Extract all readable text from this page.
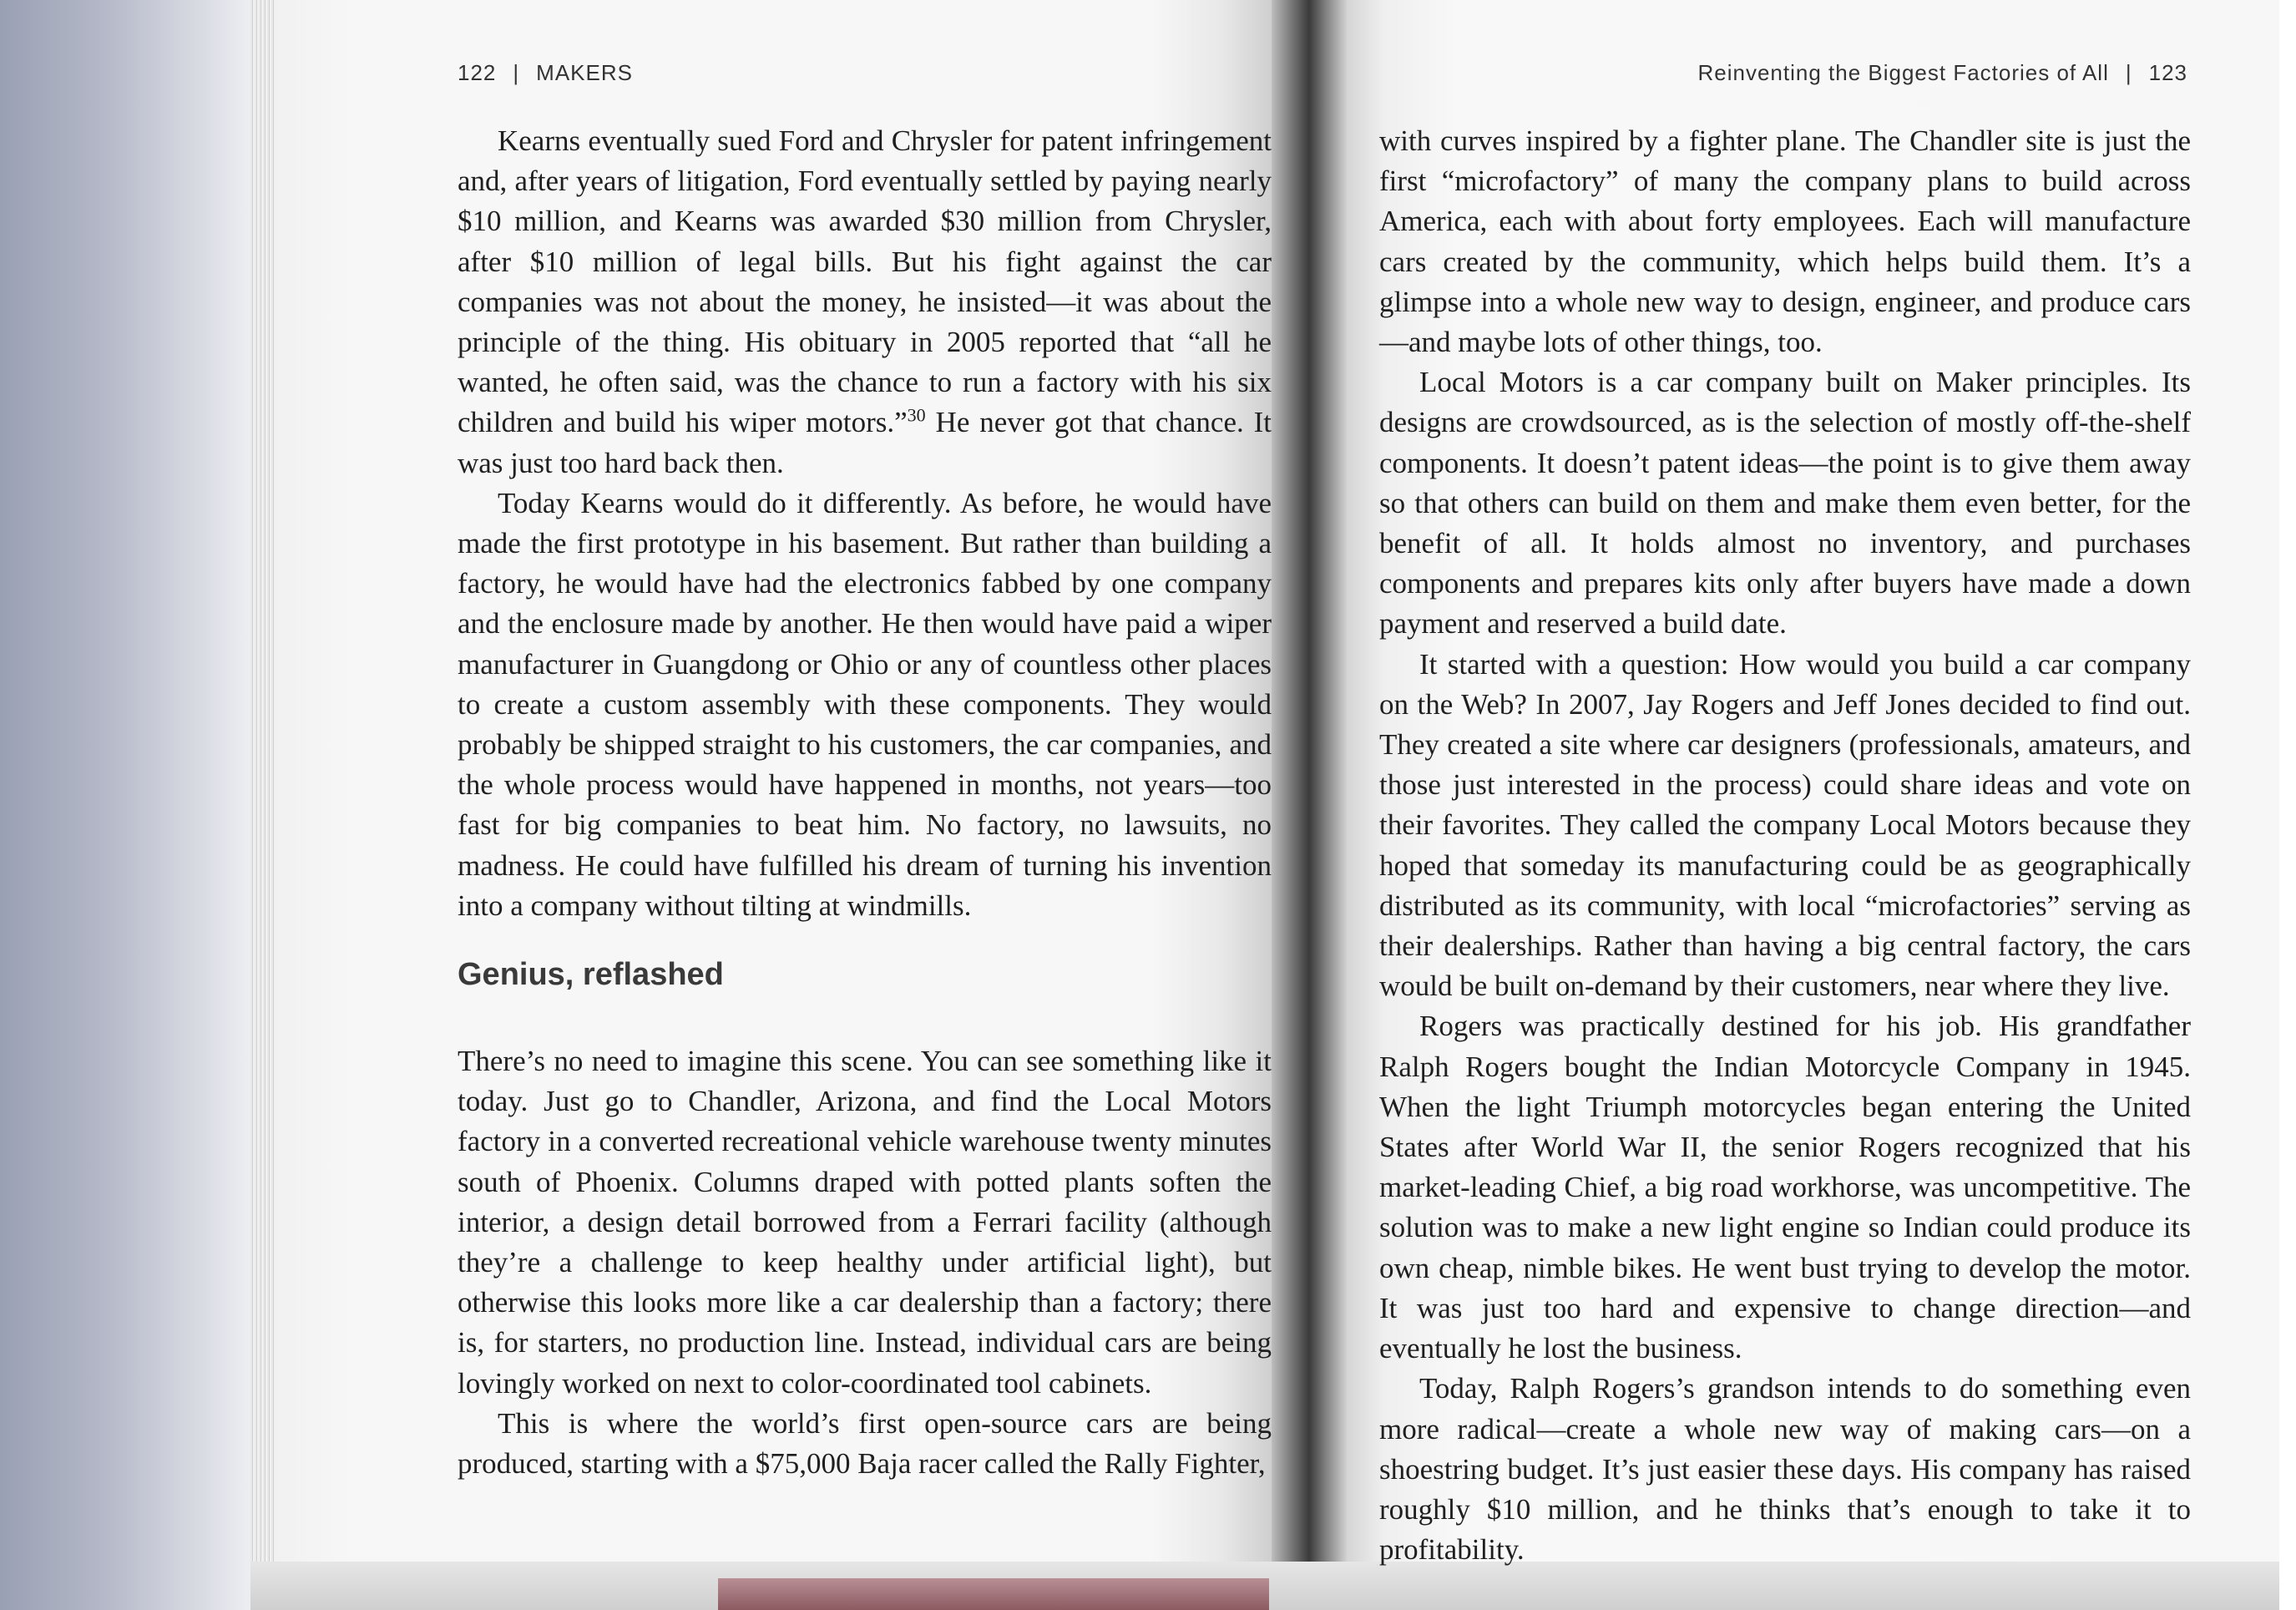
122 | MAKERS	Reinventing the Biggest Factories of All | 123

Kearns eventually sued Ford and Chrysler for patent infringement and, after years of litigation, Ford eventually settled by paying nearly $10 million, and Kearns was awarded $30 million from Chrysler, after $10 million of legal bills. But his fight against the car companies was not about the money, he insisted—it was about the principle of the thing. His obituary in 2005 reported that “all he wanted, he often said, was the chance to run a factory with his six children and build his wiper motors.”$^{30}$ He never got that chance. It was just too hard back then.

Today Kearns would do it differently. As before, he would have made the first prototype in his basement. But rather than building a factory, he would have had the electronics fabbed by one company and the enclosure made by another. He then would have paid a wiper manufacturer in Guangdong or Ohio or any of countless other places to create a custom assembly with these components. They would probably be shipped straight to his customers, the car companies, and the whole process would have happened in months, not years—too fast for big companies to beat him. No factory, no lawsuits, no madness. He could have fulfilled his dream of turning his invention into a company without tilting at windmills.

Genius, reflashed

There’s no need to imagine this scene. You can see something like it today. Just go to Chandler, Arizona, and find the Local Motors factory in a converted recreational vehicle warehouse twenty minutes south of Phoenix. Columns draped with potted plants soften the interior, a design detail borrowed from a Ferrari facility (although they’re a challenge to keep healthy under artificial light), but otherwise this looks more like a car dealership than a factory; there is, for starters, no production line. Instead, individual cars are being lovingly worked on next to color-coordinated tool cabinets.

This is where the world’s first open-source cars are being produced, starting with a $75,000 Baja racer called the Rally Fighter,

with curves inspired by a fighter plane. The Chandler site is just the first “microfactory” of many the company plans to build across America, each with about forty employees. Each will manufacture cars created by the community, which helps build them. It’s a glimpse into a whole new way to design, engineer, and produce cars—and maybe lots of other things, too.

Local Motors is a car company built on Maker principles. Its designs are crowdsourced, as is the selection of mostly off-the-shelf components. It doesn’t patent ideas—the point is to give them away so that others can build on them and make them even better, for the benefit of all. It holds almost no inventory, and purchases components and prepares kits only after buyers have made a down payment and reserved a build date.

It started with a question: How would you build a car company on the Web? In 2007, Jay Rogers and Jeff Jones decided to find out. They created a site where car designers (professionals, amateurs, and those just interested in the process) could share ideas and vote on their favorites. They called the company Local Motors because they hoped that someday its manufacturing could be as geographically distributed as its community, with local “microfactories” serving as their dealerships. Rather than having a big central factory, the cars would be built on-demand by their customers, near where they live.

Rogers was practically destined for his job. His grandfather Ralph Rogers bought the Indian Motorcycle Company in 1945. When the light Triumph motorcycles began entering the United States after World War II, the senior Rogers recognized that his market-leading Chief, a big road workhorse, was uncompetitive. The solution was to make a new light engine so Indian could produce its own cheap, nimble bikes. He went bust trying to develop the motor. It was just too hard and expensive to change direction—and eventually he lost the business.

Today, Ralph Rogers’s grandson intends to do something even more radical—create a whole new way of making cars—on a shoestring budget. It’s just easier these days. His company has raised roughly $10 million, and he thinks that’s enough to take it to profitability.
